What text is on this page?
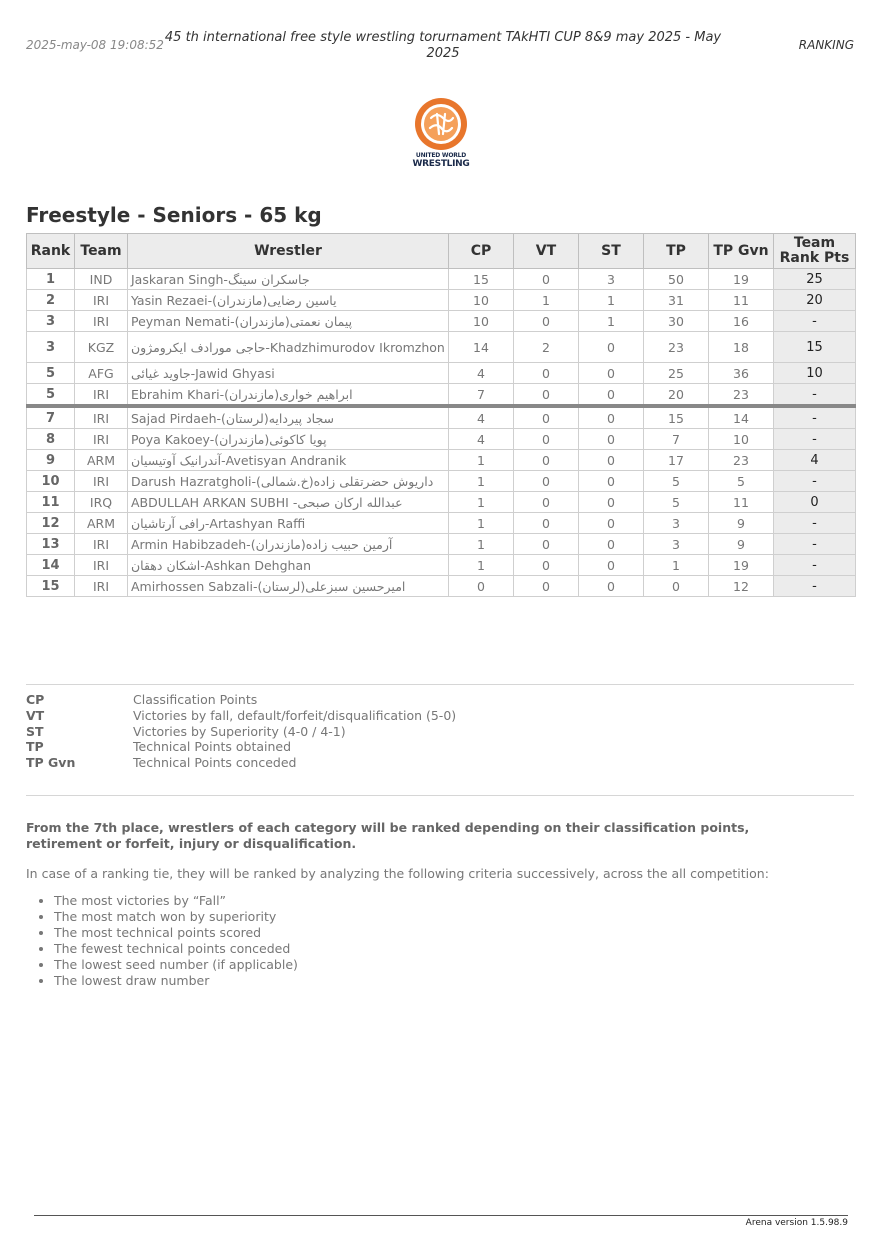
2025-may-08 19:08:52 45 th international free style wrestling torurnament TAkHTI CUP 8&9 may 2025 - May 2025
RANKING
UNITED WORLD
WRESTLING
Freestyle - Seniors - 65 kg
Rank	Team	Wrestler	CP	VT	ST	TP	TP Gvn	Team Rank Pts
1	IND	Jaskaran Singh-جاسکران سینگ	15	0	3	50	19	25
2	IRI	Yasin Rezaei-(مازندران)یاسین رضایی	10	1	1	31	11	20
3	IRI	Peyman Nemati-(مازندران)پیمان نعمتی	10	0	1	30	16	-
3	KGZ	حاجی مورادف ایکرومژون-Khadzhimurodov Ikromzhon	14	2	0	23	18	15
5	AFG	جاوید غیائی-Jawid Ghyasi	4	0	0	25	36	10
5	IRI	Ebrahim Khari-(مازندران)ابراهیم خواری	7	0	0	20	23	-
7	IRI	Sajad Pirdaeh-(لرستان)سجاد پیردایه	4	0	0	15	14	-
8	IRI	Poya Kakoey-(مازندران)پویا کاکوئی	4	0	0	7	10	-
9	ARM	آندرانیک آوتیسیان-Avetisyan Andranik	1	0	0	17	23	4
10	IRI	Darush Hazratgholi-(خ.شمالی)داریوش حضرتقلی زاده	1	0	0	5	5	-
11	IRQ	ABDULLAH ARKAN SUBHI -عبدالله ارکان صبحی	1	0	0	5	11	0
12	ARM	رافی آرتاشیان-Artashyan Raffi	1	0	0	3	9	-
13	IRI	Armin Habibzadeh-(مازندران)آرمین حبیب زاده	1	0	0	3	9	-
14	IRI	اشکان دهقان-Ashkan Dehghan	1	0	0	1	19	-
15	IRI	Amirhossen Sabzali-(لرستان)امیرحسین سبزعلی	0	0	0	0	12	-
CP	Classification Points
VT	Victories by fall, default/forfeit/disqualification (5-0)
ST	Victories by Superiority (4-0 / 4-1)
TP	Technical Points obtained
TP Gvn	Technical Points conceded
From the 7th place, wrestlers of each category will be ranked depending on their classification points, retirement or forfeit, injury or disqualification.
In case of a ranking tie, they will be ranked by analyzing the following criteria successively, across the all competition:
• The most victories by “Fall”
• The most match won by superiority
• The most technical points scored
• The fewest technical points conceded
• The lowest seed number (if applicable)
• The lowest draw number
Arena version 1.5.98.9
